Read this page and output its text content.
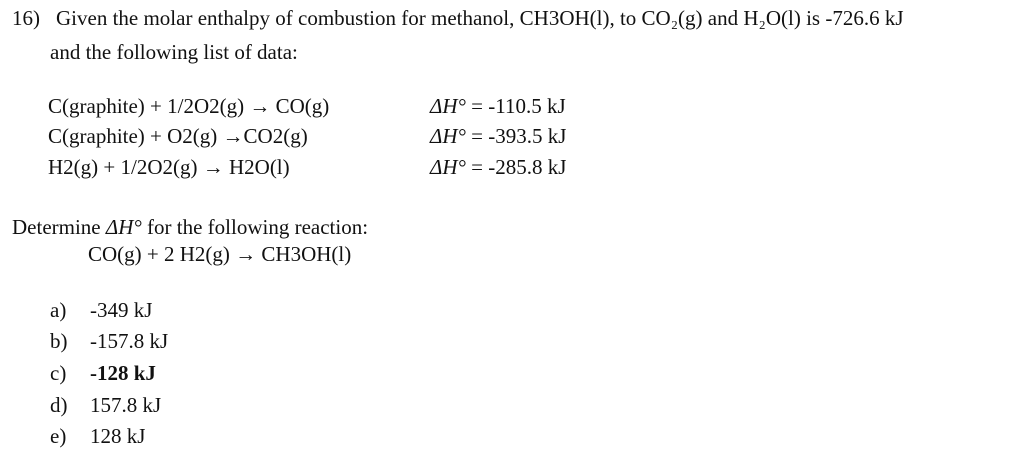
16) Given the molar enthalpy of combustion for methanol, CH3OH(l), to CO₂(g) and H₂O(l) is -726.6 kJ
and the following list of data:
C(graphite) + 1/2O2(g) → CO(g)
C(graphite) + O2(g) →CO2(g)
H2(g) + 1/2O2(g) → H2O(l)
ΔH° = -110.5 kJ
ΔH° = -393.5 kJ
ΔH° = -285.8 kJ
Determine ΔH° for the following reaction:
CO(g) + 2 H2(g) → CH3OH(l)
a) -349 kJ
b) -157.8 kJ
c) -128 kJ
d) 157.8 kJ
e) 128 kJ
